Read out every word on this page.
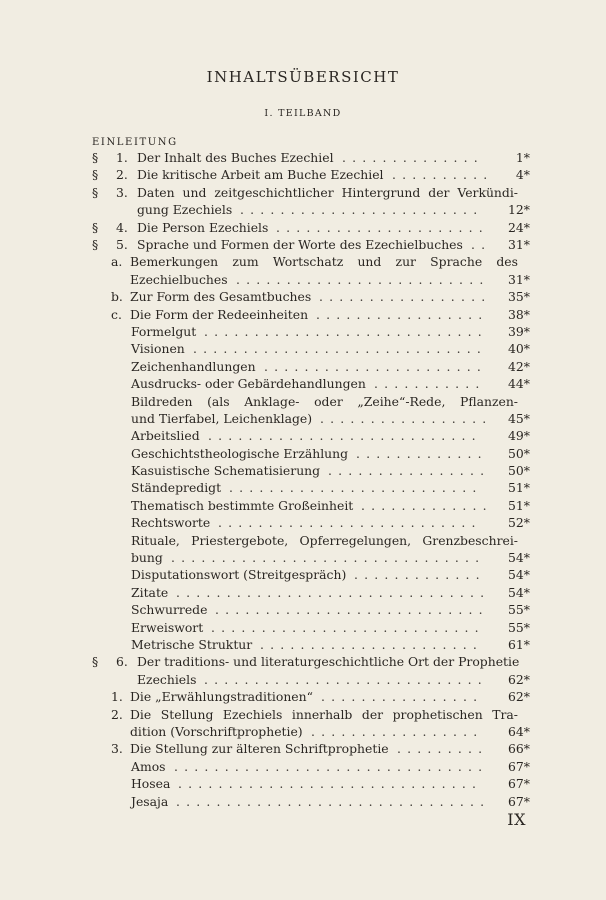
INHALTSÜBERSICHT
I. TEILBAND
EINLEITUNG
§	1. Der Inhalt des Buches Ezechiel ..............	1*
§	2. Die kritische Arbeit am Buche Ezechiel .......... 4*
§	3. Daten und zeitgeschichtlicher Hintergrund der Verkündi-
gung Ezechiels ........................	12*
§	4. Die Person Ezechiels .....................	24*
§	5. Sprache und Formen der Worte des Ezechielbuches ..	31*
a. Bemerkungen zum Wortschatz und zur Sprache des
Ezechielbuches .........................	31*
b. Zur Form des Gesamtbuches .................	35*
c. Die Form der Redeeinheiten .................	38*
Formelgut ............................	39*
Visionen .............................	40*
Zeichenhandlungen ......................	42*
Ausdrucks- oder Gebärdehandlungen ...........	44*
Bildreden (als Anklage- oder „Zeihe“-Rede, Pflanzen-
und Tierfabel, Leichenklage) ................. 45*
Arbeitslied ...........................	49*
Geschichtstheologische Erzählung .............	50*
Kasuistische Schematisierung ................	50*
Ständepredigt .........................	51*
Thematisch bestimmte Großeinheit ............. 51*
Rechtsworte ..........................	52*
Rituale, Priestergebote, Opferregelungen, Grenzbeschrei-
bung ...............................	54*
Disputationswort (Streitgespräch) .............	54*
Zitate ...............................	54*
Schwurrede ...........................	55*
Erweiswort ...........................	55*
Metrische Struktur ......................	61*
§	6. Der traditions- und literaturgeschichtliche Ort der Prophetie
Ezechiels ............................	62*
1. Die „Erwählungstraditionen“ ................	62*
2. Die Stellung Ezechiels innerhalb der prophetischen Tra-
dition (Vorschriftprophetie) .................	64*
3. Die Stellung zur älteren Schriftprophetie .........	66*
Amos ...............................	67*
Hosea ..............................	67*
Jesaja ...............................	67*
IX
